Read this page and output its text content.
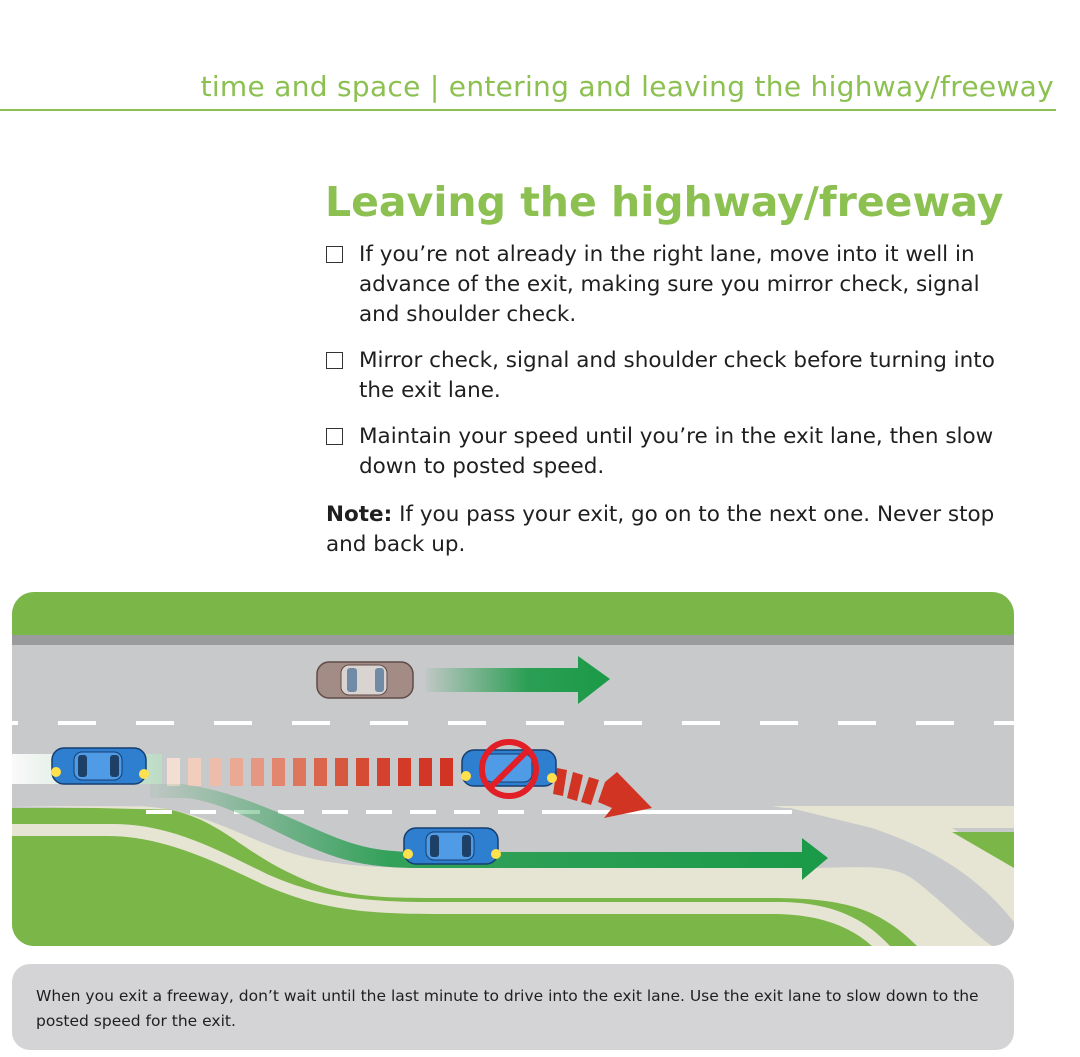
time and space | entering and leaving the highway/freeway
Leaving the highway/freeway
If you’re not already in the right lane, move into it well in advance of the exit, making sure you mirror check, signal and shoulder check.
Mirror check, signal and shoulder check before turning into the exit lane.
Maintain your speed until you’re in the exit lane, then slow down to posted speed.

Note: If you pass your exit, go on to the next one. Never stop and back up.

When you exit a freeway, don’t wait until the last minute to drive into the exit lane. Use the exit lane to slow down to the posted speed for the exit.
